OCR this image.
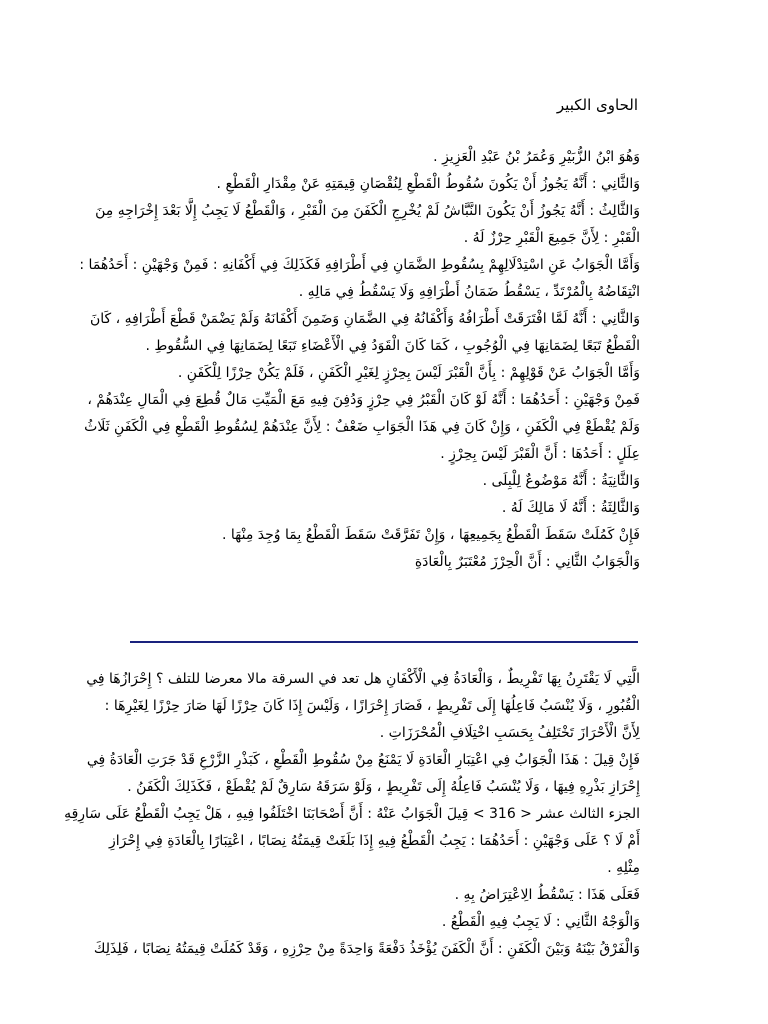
الحاوى الكبير
وَهُوَ ابْنُ الزُّبَيْرِ وَعُمَرُ بْنُ عَبْدِ الْعَزِيزِ .
وَالثَّانِي : أَنَّهُ يَجُوزُ أَنْ يَكُونَ سُقُوطُ الْقَطْعِ لِنُقْصَانِ قِيمَتِهِ عَنْ مِقْدَارِ الْقَطْعِ .
وَالثَّالِثُ : أَنَّهُ يَجُوزُ أَنْ يَكُونَ النَّبَّاشُ لَمْ يُخْرِجِ الْكَفَنَ مِنَ الْقَبْرِ ، وَالْقَطْعُ لَا يَجِبُ إِلَّا بَعْدَ إِخْرَاجِهِ مِنَ
الْقَبْرِ : لِأَنَّ جَمِيعَ الْقَبْرِ حِرْزٌ لَهُ .
وَأَمَّا الْجَوَابُ عَنِ اسْتِدْلَالِهِمْ بِسُقُوطِ الضَّمَانِ فِي أَطْرَافِهِ فَكَذَلِكَ فِي أَكْفَانِهِ : فَمِنْ وَجْهَيْنِ : أَحَدُهُمَا :
انْتِقَاضُهُ بِالْمُرْتَدِّ ، يَسْقُطُ ضَمَانُ أَطْرَافِهِ وَلَا يَسْقُطُ فِي مَالِهِ .
وَالثَّانِي : أَنَّهُ لَمَّا افْتَرَقَتْ أَطْرَافُهُ وَأَكْفَانُهُ فِي الضَّمَانِ وَضَمِنَ أَكْفَانَهُ وَلَمْ يَضْمَنْ قَطْعَ أَطْرَافِهِ ، كَانَ
الْقَطْعُ تَبَعًا لِضَمَانِهَا فِي الْوُجُوبِ ، كَمَا كَانَ الْقَوَدُ فِي الْأَعْضَاءِ تَبَعًا لِضَمَانِهَا فِي السُّقُوطِ .
وَأَمَّا الْجَوَابُ عَنْ قَوْلِهِمْ : بِأَنَّ الْقَبْرَ لَيْسَ بِحِرْزٍ لِغَيْرِ الْكَفَنِ ، فَلَمْ يَكُنْ حِرْزًا لِلْكَفَنِ .
فَمِنْ وَجْهَيْنِ : أَحَدُهُمَا : أَنَّهُ لَوْ كَانَ الْقَبْرُ فِي حِرْزٍ وَدُفِنَ فِيهِ مَعَ الْمَيِّتِ مَالٌ قُطِعَ فِي الْمَالِ عِنْدَهُمْ ،
وَلَمْ يُقْطَعْ فِي الْكَفَنِ ، وَإِنْ كَانَ فِي هَذَا الْجَوَابِ ضَعْفٌ : لِأَنَّ عِنْدَهُمْ لِسُقُوطِ الْقَطْعِ فِي الْكَفَنِ ثَلَاثُ
عِلَلٍ : أَحَدُهَا : أَنَّ الْقَبْرَ لَيْسَ بِحِرْزٍ .
وَالثَّانِيَةُ : أَنَّهُ مَوْضُوعٌ لِلْبِلَى .
وَالثَّالِثَةُ : أَنَّهُ لَا مَالِكَ لَهُ .
فَإِنْ كَمُلَتْ سَقَطَ الْقَطْعُ بِجَمِيعِهَا ، وَإِنْ تَفَرَّقَتْ سَقَطَ الْقَطْعُ بِمَا وُجِدَ مِنْهَا .
وَالْجَوَابُ الثَّانِي : أَنَّ الْحِرْزَ مُعْتَبَرٌ بِالْعَادَةِ
الَّتِي لَا يَقْتَرِنُ بِهَا تَفْرِيطٌ ، وَالْعَادَةُ فِي الْأَكْفَانِ هل تعد في السرقة مالا معرضا للتلف ؟ إِحْرَازُهَا فِي
الْقُبُورِ ، وَلَا يُنْسَبُ فَاعِلُهَا إِلَى تَفْرِيطٍ ، فَصَارَ إِحْرَازًا ، وَلَيْسَ إِذَا كَانَ حِرْزًا لَهَا صَارَ حِرْزًا لِغَيْرِهَا :
لِأَنَّ الْأَحْرَازَ تَخْتَلِفُ بِحَسَبِ اخْتِلَافِ الْمُحْرَزَاتِ .
فَإِنْ قِيلَ : هَذَا الْجَوَابُ فِي اعْتِبَارِ الْعَادَةِ لَا يَمْنَعُ مِنْ سُقُوطِ الْقَطْعِ ، كَبَذْرِ الزَّرْعِ قَدْ جَرَتِ الْعَادَةُ فِي
إِحْرَازِ بَذْرِهِ فِيهَا ، وَلَا يُنْسَبُ فَاعِلُهُ إِلَى تَفْرِيطٍ ، وَلَوْ سَرَقَهُ سَارِقٌ لَمْ يُقْطَعْ ، فَكَذَلِكَ الْكَفَنُ .
الجزء الثالث عشر < 316 > قِيلَ الْجَوَابُ عَنْهُ : أَنَّ أَصْحَابَنَا اخْتَلَفُوا فِيهِ ، هَلْ يَجِبُ الْقَطْعُ عَلَى سَارِقِهِ
أَمْ لَا ؟ عَلَى وَجْهَيْنِ : أَحَدُهُمَا : يَجِبُ الْقَطْعُ فِيهِ إِذَا بَلَغَتْ قِيمَتُهُ نِصَابًا ، اعْتِبَارًا بِالْعَادَةِ فِي إِحْرَازِ
مِثْلِهِ .
فَعَلَى هَذَا : يَسْقُطُ الِاعْتِرَاضُ بِهِ .
وَالْوَجْهُ الثَّانِي : لَا يَجِبُ فِيهِ الْقَطْعُ .
وَالْفَرْقُ بَيْنَهُ وَبَيْنَ الْكَفَنِ : أَنَّ الْكَفَنَ يُؤْخَذُ دَفْعَةً وَاحِدَةً مِنْ حِرْزِهِ ، وَقَدْ كَمُلَتْ قِيمَتُهُ نِصَابًا ، فَلِذَلِكَ
